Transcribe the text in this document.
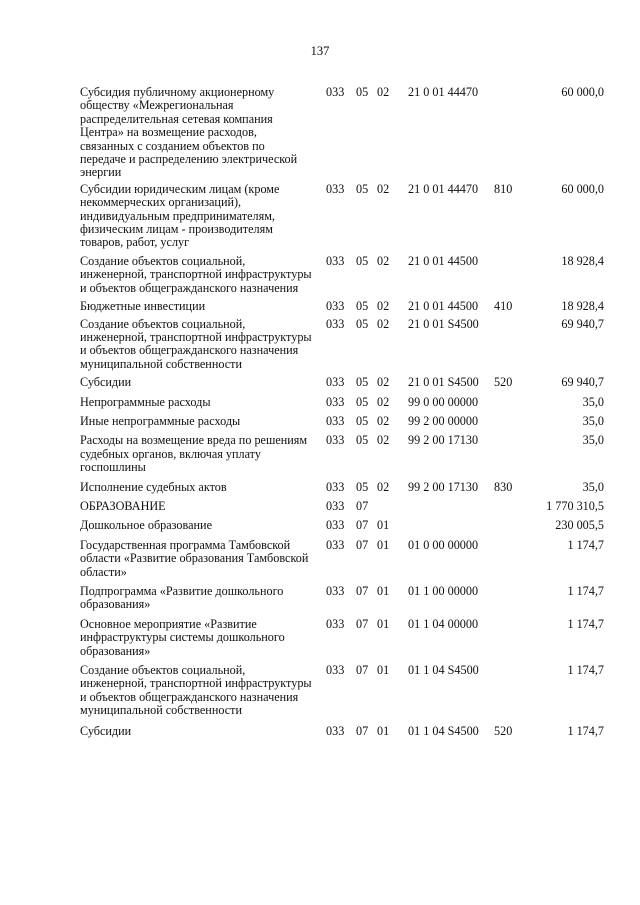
137
Субсидия публичному акционерному обществу «Межрегиональная распределительная сетевая компания Центра» на возмещение расходов, связанных с созданием объектов по передаче и распределению электрической энергии
033 05 02 21 0 01 44470	60 000,0
Субсидии юридическим лицам (кроме некоммерческих организаций), индивидуальным предпринимателям, физическим лицам - производителям товаров, работ, услуг
033 05 02 21 0 01 44470 810	60 000,0
Создание объектов социальной, инженерной, транспортной инфраструктуры и объектов общегражданского назначения
033 05 02 21 0 01 44500	18 928,4
Бюджетные инвестиции	033 05 02 21 0 01 44500 410	18 928,4
Создание объектов социальной, инженерной, транспортной инфраструктуры и объектов общегражданского назначения муниципальной собственности
033 05 02 21 0 01 S4500	69 940,7
Субсидии	033 05 02 21 0 01 S4500 520	69 940,7
Непрограммные расходы	033 05 02 99 0 00 00000	35,0
Иные непрограммные расходы	033 05 02 99 2 00 00000	35,0
Расходы на возмещение вреда по решениям судебных органов, включая уплату госпошлины
033 05 02 99 2 00 17130	35,0
Исполнение судебных актов	033 05 02 99 2 00 17130 830	35,0
ОБРАЗОВАНИЕ	033 07	1 770 310,5
Дошкольное образование	033 07 01	230 005,5
Государственная программа Тамбовской области «Развитие образования Тамбовской области»
033 07 01 01 0 00 00000	1 174,7
Подпрограмма «Развитие дошкольного образования»
033 07 01 01 1 00 00000	1 174,7
Основное мероприятие «Развитие инфраструктуры системы дошкольного образования»
033 07 01 01 1 04 00000	1 174,7
Создание объектов социальной, инженерной, транспортной инфраструктуры и объектов общегражданского назначения муниципальной собственности
033 07 01 01 1 04 S4500	1 174,7
Субсидии	033 07 01 01 1 04 S4500 520	1 174,7
